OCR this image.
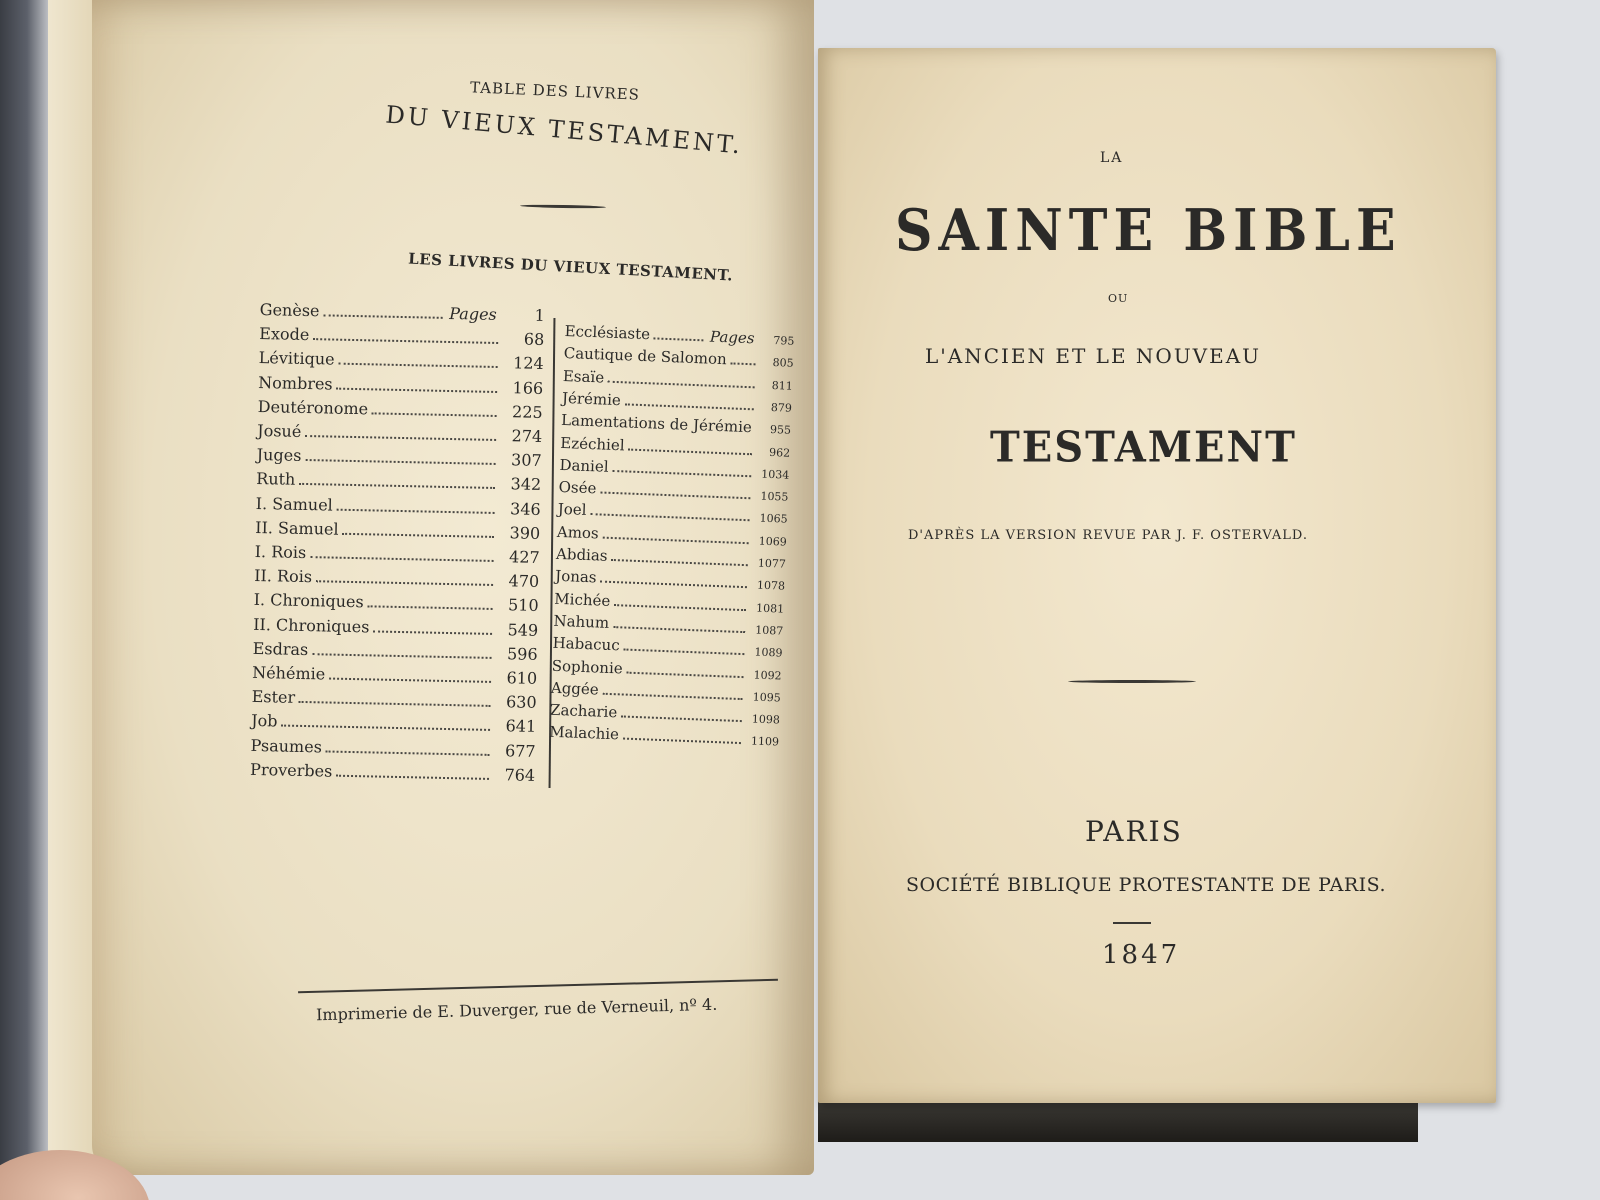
TABLE DES LIVRES
DU VIEUX TESTAMENT.
LES LIVRES DU VIEUX TESTAMENT.
Genèse	Pages	1
Exode	68
Lévitique	124
Nombres	166
Deutéronome	225
Josué	274
Juges	307
Ruth	342
I. Samuel	346
II. Samuel	390
I. Rois	427
II. Rois	470
I. Chroniques	510
II. Chroniques	549
Esdras	596
Néhémie	610
Ester	630
Job	641
Psaumes	677
Proverbes	764
Ecclésiaste	Pages	795
Cautique de Salomon	805
Esaïe	811
Jérémie	879
Lamentations de Jérémie	955
Ezéchiel	962
Daniel	1034
Osée	1055
Joel	1065
Amos	1069
Abdias	1077
Jonas	1078
Michée	1081
Nahum	1087
Habacuc	1089
Sophonie	1092
Aggée	1095
Zacharie	1098
Malachie	1109
Imprimerie de E. Duverger, rue de Verneuil, nº 4.
LA
SAINTE BIBLE
OU
L'ANCIEN ET LE NOUVEAU
TESTAMENT
D'APRÈS LA VERSION REVUE PAR J. F. OSTERVALD.
PARIS
SOCIÉTÉ BIBLIQUE PROTESTANTE DE PARIS.
1847
